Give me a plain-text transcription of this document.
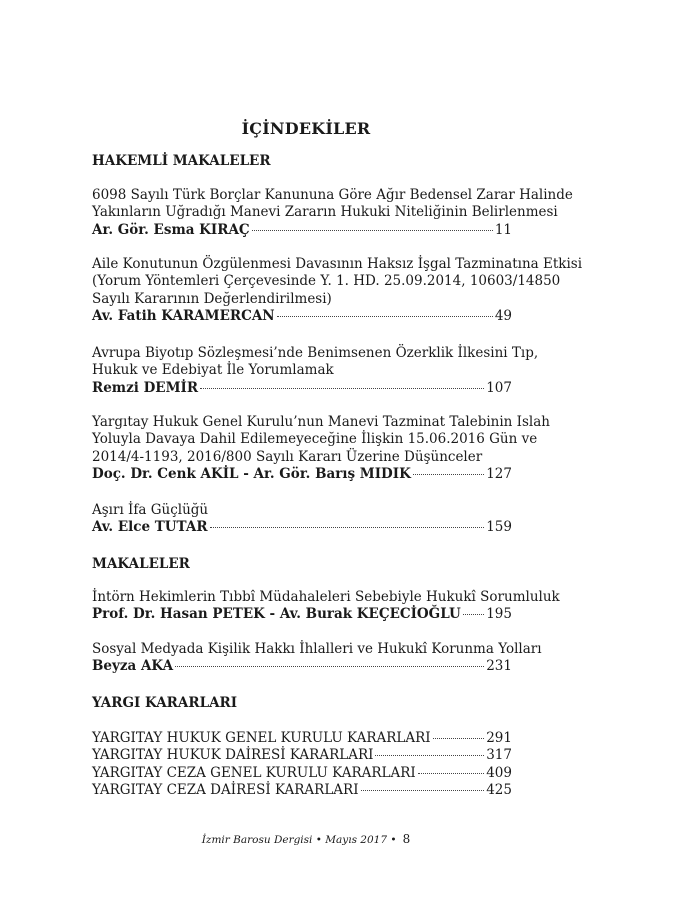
İÇİNDEKİLER
HAKEMLİ MAKALELER
6098 Sayılı Türk Borçlar Kanununa Göre Ağır Bedensel Zarar Halinde
Yakınların Uğradığı Manevi Zararın Hukuki Niteliğinin Belirlenmesi
Ar. Gör. Esma KIRAÇ	11
Aile Konutunun Özgülenmesi Davasının Haksız İşgal Tazminatına Etkisi
(Yorum Yöntemleri Çerçevesinde Y. 1. HD. 25.09.2014, 10603/14850
Sayılı Kararının Değerlendirilmesi)
Av. Fatih KARAMERCAN	49
Avrupa Biyotıp Sözleşmesi’nde Benimsenen Özerklik İlkesini Tıp,
Hukuk ve Edebiyat İle Yorumlamak
Remzi DEMİR	107
Yargıtay Hukuk Genel Kurulu’nun Manevi Tazminat Talebinin Islah
Yoluyla Davaya Dahil Edilemeyeceğine İlişkin 15.06.2016 Gün ve
2014/4-1193, 2016/800 Sayılı Kararı Üzerine Düşünceler
Doç. Dr. Cenk AKİL - Ar. Gör. Barış MIDIK	127
Aşırı İfa Güçlüğü
Av. Elce TUTAR	159
MAKALELER
İntörn Hekimlerin Tıbbî Müdahaleleri Sebebiyle Hukukî Sorumluluk
Prof. Dr. Hasan PETEK - Av. Burak KEÇECİOĞLU 195
Sosyal Medyada Kişilik Hakkı İhlalleri ve Hukukî Korunma Yolları
Beyza AKA	231
YARGI KARARLARI
YARGITAY HUKUK GENEL KURULU KARARLARI	291
YARGITAY HUKUK DAİRESİ KARARLARI	317
YARGITAY CEZA GENEL KURULU KARARLARI	409
YARGITAY CEZA DAİRESİ KARARLARI	425
İzmir Barosu Dergisi • Mayıs 2017 • 8
